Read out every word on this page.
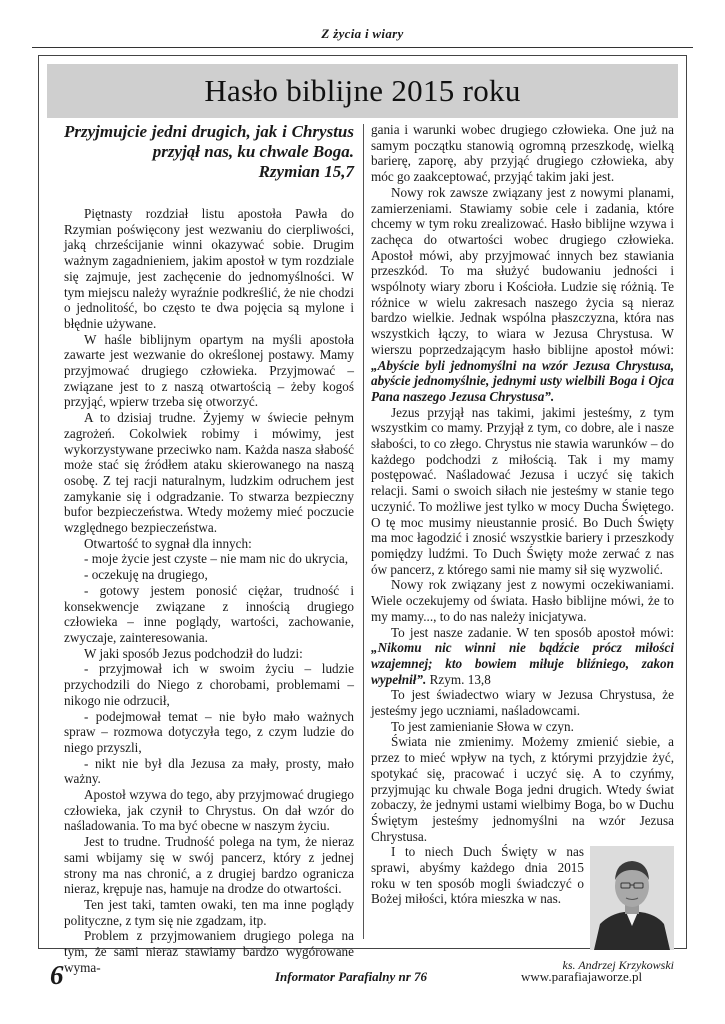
Z życia i wiary
Hasło biblijne 2015 roku
Przyjmujcie jedni drugich, jak i Chrystus przyjął nas, ku chwale Boga.
Rzymian 15,7

Piętnasty rozdział listu apostoła Pawła do Rzymian poświęcony jest wezwaniu do cierpliwości, jaką chrześcijanie winni okazywać sobie. Drugim ważnym zagadnieniem, jakim apostoł w tym rozdziale się zajmuje, jest zachęcenie do jednomyślności. W tym miejscu należy wyraźnie podkreślić, że nie chodzi o jednolitość, bo często te dwa pojęcia są mylone i błędnie używane.

W haśle biblijnym opartym na myśli apostoła zawarte jest wezwanie do określonej postawy. Mamy przyjmować drugiego człowieka. Przyjmować – związane jest to z naszą otwartością – żeby kogoś przyjąć, wpierw trzeba się otworzyć.

A to dzisiaj trudne. Żyjemy w świecie pełnym zagrożeń. Cokolwiek robimy i mówimy, jest wykorzystywane przeciwko nam. Każda nasza słabość może stać się źródłem ataku skierowanego na naszą osobę. Z tej racji naturalnym, ludzkim odruchem jest zamykanie się i odgradzanie. To stwarza bezpieczny bufor bezpieczeństwa. Wtedy możemy mieć poczucie względnego bezpieczeństwa.

Otwartość to sygnał dla innych:

- moje życie jest czyste – nie mam nic do ukrycia,

- oczekuję na drugiego,

- gotowy jestem ponosić ciężar, trudność i konsekwencje związane z innością drugiego człowieka – inne poglądy, wartości, zachowanie, zwyczaje, zainteresowania.

W jaki sposób Jezus podchodził do ludzi:

- przyjmował ich w swoim życiu – ludzie przychodzili do Niego z chorobami, problemami – nikogo nie odrzucił,

- podejmował temat – nie było mało ważnych spraw – rozmowa dotyczyła tego, z czym ludzie do niego przyszli,

- nikt nie był dla Jezusa za mały, prosty, mało ważny.

Apostoł wzywa do tego, aby przyjmować drugiego człowieka, jak czynił to Chrystus. On dał wzór do naśladowania. To ma być obecne w naszym życiu.

Jest to trudne. Trudność polega na tym, że nieraz sami wbijamy się w swój pancerz, który z jednej strony ma nas chronić, a z drugiej bardzo ogranicza nieraz, krępuje nas, hamuje na drodze do otwartości.

Ten jest taki, tamten owaki, ten ma inne poglądy polityczne, z tym się nie zgadzam, itp.

Problem z przyjmowaniem drugiego polega na tym, że sami nieraz stawiamy bardzo wygórowane wyma-

gania i warunki wobec drugiego człowieka. One już na samym początku stanowią ogromną przeszkodę, wielką barierę, zaporę, aby przyjąć drugiego człowieka, aby móc go zaakceptować, przyjąć takim jaki jest.

Nowy rok zawsze związany jest z nowymi planami, zamierzeniami. Stawiamy sobie cele i zadania, które chcemy w tym roku zrealizować. Hasło biblijne wzywa i zachęca do otwartości wobec drugiego człowieka. Apostoł mówi, aby przyjmować innych bez stawiania przeszkód. To ma służyć budowaniu jedności i wspólnoty wiary zboru i Kościoła. Ludzie się różnią. Te różnice w wielu zakresach naszego życia są nieraz bardzo wielkie. Jednak wspólna płaszczyzna, która nas wszystkich łączy, to wiara w Jezusa Chrystusa. W wierszu poprzedzającym hasło biblijne apostoł mówi: „Abyście byli jednomyślni na wzór Jezusa Chrystusa, abyście jednomyślnie, jednymi usty wielbili Boga i Ojca Pana naszego Jezusa Chrystusa”.

Jezus przyjął nas takimi, jakimi jesteśmy, z tym wszystkim co mamy. Przyjął z tym, co dobre, ale i nasze słabości, to co złego. Chrystus nie stawia warunków – do każdego podchodzi z miłością. Tak i my mamy postępować. Naśladować Jezusa i uczyć się takich relacji. Sami o swoich siłach nie jesteśmy w stanie tego uczynić. To możliwe jest tylko w mocy Ducha Świętego. O tę moc musimy nieustannie prosić. Bo Duch Święty ma moc łagodzić i znosić wszystkie bariery i przeszkody pomiędzy ludźmi. To Duch Święty może zerwać z nas ów pancerz, z którego sami nie mamy sił się wyzwolić.

Nowy rok związany jest z nowymi oczekiwaniami. Wiele oczekujemy od świata. Hasło biblijne mówi, że to my mamy..., to do nas należy inicjatywa.

To jest nasze zadanie. W ten sposób apostoł mówi: „Nikomu nic winni nie bądźcie prócz miłości wzajemnej; kto bowiem miłuje bliźniego, zakon wypełnił”. Rzym. 13,8

To jest świadectwo wiary w Jezusa Chrystusa, że jesteśmy jego uczniami, naśladowcami.

To jest zamienianie Słowa w czyn.

Świata nie zmienimy. Możemy zmienić siebie, a przez to mieć wpływ na tych, z którymi przyjdzie żyć, spotykać się, pracować i uczyć się. A to czyńmy, przyjmując ku chwale Boga jedni drugich. Wtedy świat zobaczy, że jednymi ustami wielbimy Boga, bo w Duchu Świętym jesteśmy jednomyślni na wzór Jezusa Chrystusa.

I to niech Duch Święty w nas sprawi, abyśmy każdego dnia 2015 roku w ten sposób mogli świadczyć o Bożej miłości, która mieszka w nas.

ks. Andrzej Krzykowski
6	Informator Parafialny nr 76	www.parafiajaworze.pl
